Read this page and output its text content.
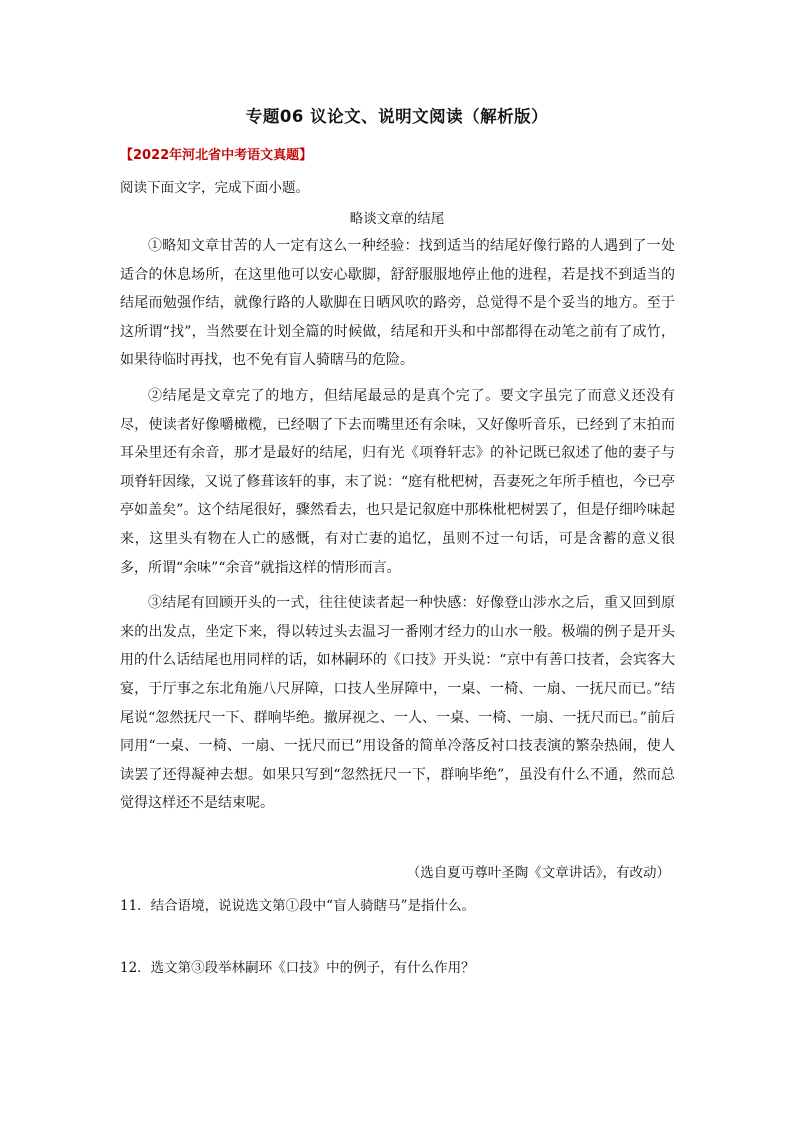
专题06 议论文、说明文阅读（解析版）
【2022年河北省中考语文真题】
阅读下面文字，完成下面小题。
略谈文章的结尾

①略知文章甘苦的人一定有这么一种经验：找到适当的结尾好像行路的人遇到了一处适合的休息场所，在这里他可以安心歇脚，舒舒服服地停止他的进程，若是找不到适当的结尾而勉强作结，就像行路的人歇脚在日晒风吹的路旁，总觉得不是个妥当的地方。至于这所谓“找”，当然要在计划全篇的时候做，结尾和开头和中部都得在动笔之前有了成竹，如果待临时再找，也不免有盲人骑瞎马的危险。

②结尾是文章完了的地方，但结尾最忌的是真个完了。要文字虽完了而意义还没有尽，使读者好像嚼橄榄，已经咽了下去而嘴里还有余味，又好像听音乐，已经到了末拍而耳朵里还有余音，那才是最好的结尾，归有光《项脊轩志》的补记既已叙述了他的妻子与项脊轩因缘，又说了修葺该轩的事，末了说：“庭有枇杷树，吾妻死之年所手植也，今已亭亭如盖矣”。这个结尾很好，骤然看去，也只是记叙庭中那株枇杷树罢了，但是仔细吟味起来，这里头有物在人亡的感慨，有对亡妻的追忆，虽则不过一句话，可是含蓄的意义很多，所谓“余味”“余音”就指这样的情形而言。

③结尾有回顾开头的一式，往往使读者起一种快感：好像登山涉水之后，重又回到原来的出发点，坐定下来，得以转过头去温习一番刚才经力的山水一般。极端的例子是开头用的什么话结尾也用同样的话，如林嗣环的《口技》开头说：“京中有善口技者，会宾客大宴，于厅事之东北角施八尺屏障，口技人坐屏障中，一桌、一椅、一扇、一抚尺而已。”结尾说“忽然抚尺一下、群响毕绝。撤屏视之、一人、一桌、一椅、一扇、一抚尺而已。”前后同用“一桌、一椅、一扇、一抚尺而已”用设备的简单冷落反衬口技表演的繁杂热闹，使人读罢了还得凝神去想。如果只写到“忽然抚尺一下，群响毕绝”，虽没有什么不通，然而总觉得这样还不是结束呢。

（选自夏丏尊叶圣陶《文章讲话》，有改动）
11．结合语境，说说选文第①段中“盲人骑瞎马”是指什么。
12．选文第③段举林嗣环《口技》中的例子，有什么作用？
